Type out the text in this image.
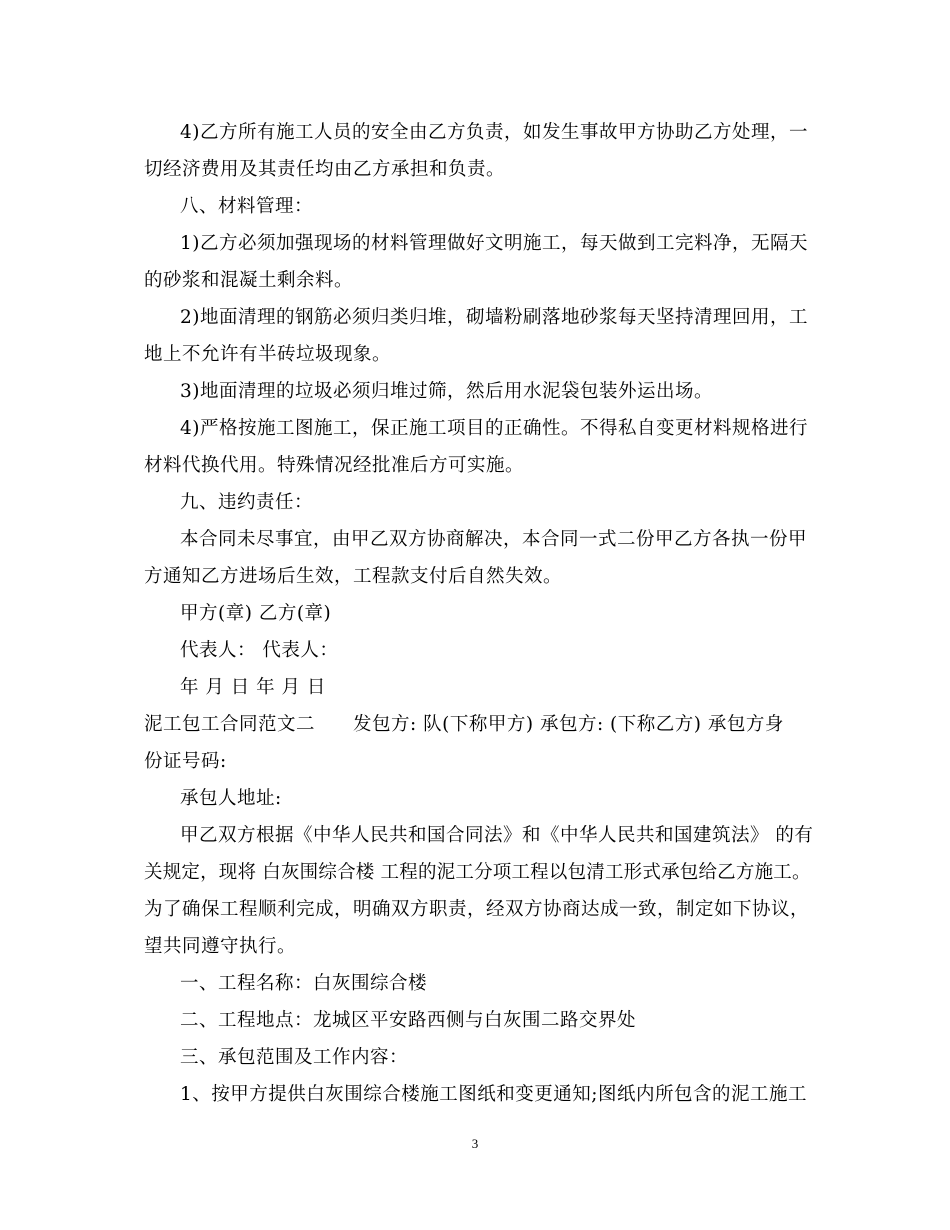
4)乙方所有施工人员的安全由乙方负责，如发生事故甲方协助乙方处理，一
切经济费用及其责任均由乙方承担和负责。
八、材料管理：
1)乙方必须加强现场的材料管理做好文明施工，每天做到工完料净，无隔天
的砂浆和混凝土剩余料。
2)地面清理的钢筋必须归类归堆，砌墙粉刷落地砂浆每天坚持清理回用，工
地上不允许有半砖垃圾现象。
3)地面清理的垃圾必须归堆过筛，然后用水泥袋包装外运出场。
4)严格按施工图施工，保正施工项目的正确性。不得私自变更材料规格进行
材料代换代用。特殊情况经批准后方可实施。
九、违约责任：
本合同未尽事宜，由甲乙双方协商解决，本合同一式二份甲乙方各执一份甲
方通知乙方进场后生效，工程款支付后自然失效。
甲方(章) 乙方(章)
代表人： 代表人：
年 月 日 年 月 日
泥工包工合同范文二 发包方: 队(下称甲方) 承包方: (下称乙方) 承包方身
份证号码:
承包人地址:
甲乙双方根据《中华人民共和国合同法》和《中华人民共和国建筑法》 的有
关规定，现将 白灰围综合楼 工程的泥工分项工程以包清工形式承包给乙方施工。
为了确保工程顺利完成，明确双方职责，经双方协商达成一致，制定如下协议，
望共同遵守执行。
一、工程名称：白灰围综合楼
二、工程地点：龙城区平安路西侧与白灰围二路交界处
三、承包范围及工作内容：
1、按甲方提供白灰围综合楼施工图纸和变更通知;图纸内所包含的泥工施工
3
